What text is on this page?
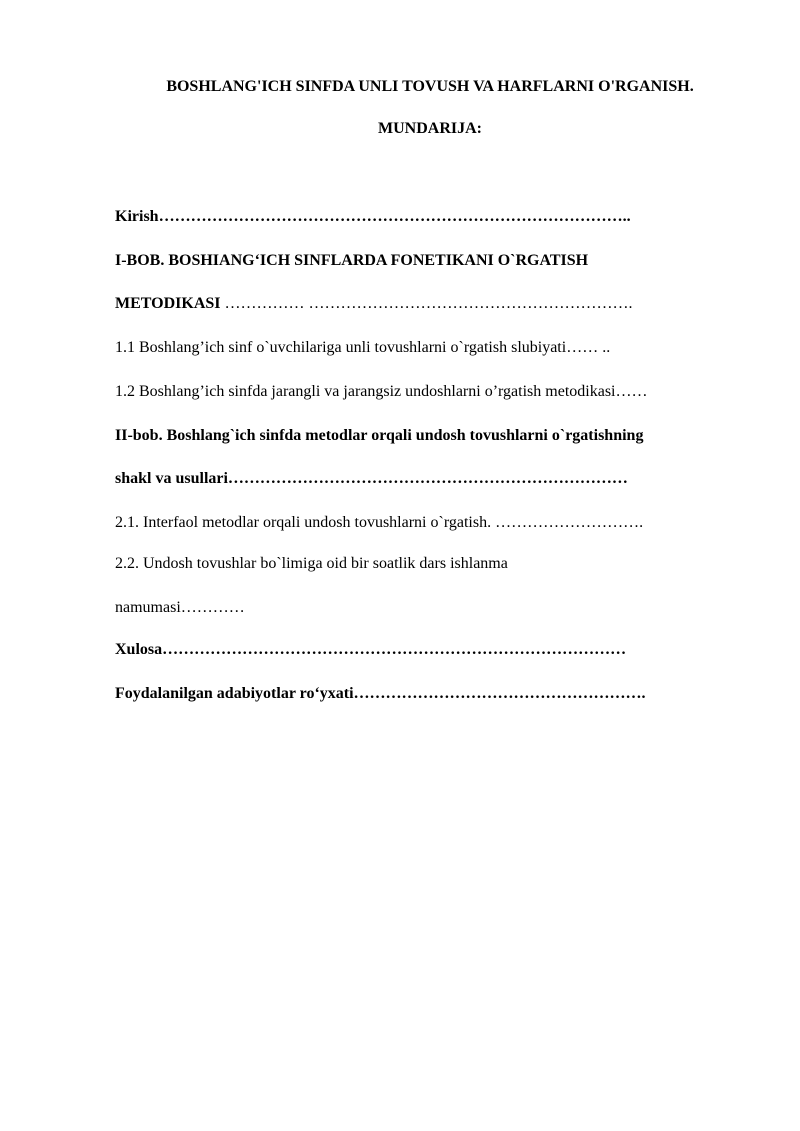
BOSHLANG'ICH SINFDA UNLI TOVUSH VA HARFLARNI O'RGANISH.
MUNDARIJA:
Kirish……………………………………………………………………………..
I-BOB. BOSHIANG‘ICH SINFLARDA FONETIKANI O`RGATISH
METODIKASI …………… …………………………………………………….
1.1 Boshlang’ich sinf o`uvchilariga unli tovushlarni o`rgatish slubiyati…… ..
1.2 Boshlang’ich sinfda jarangli va jarangsiz undoshlarni o’rgatish metodikasi……
II-bob. Boshlang`ich sinfda metodlar orqali undosh tovushlarni o`rgatishning
shakl va usullari…………………………………………………………………
2.1. Interfaol metodlar orqali undosh tovushlarni o`rgatish. ……………………….
2.2. Undosh tovushlar bo`limiga oid bir soatlik dars ishlanma
namumasi…………
Xulosa……………………………………………………………………………
Foydalanilgan adabiyotlar ro‘yxati……………………………………………….
